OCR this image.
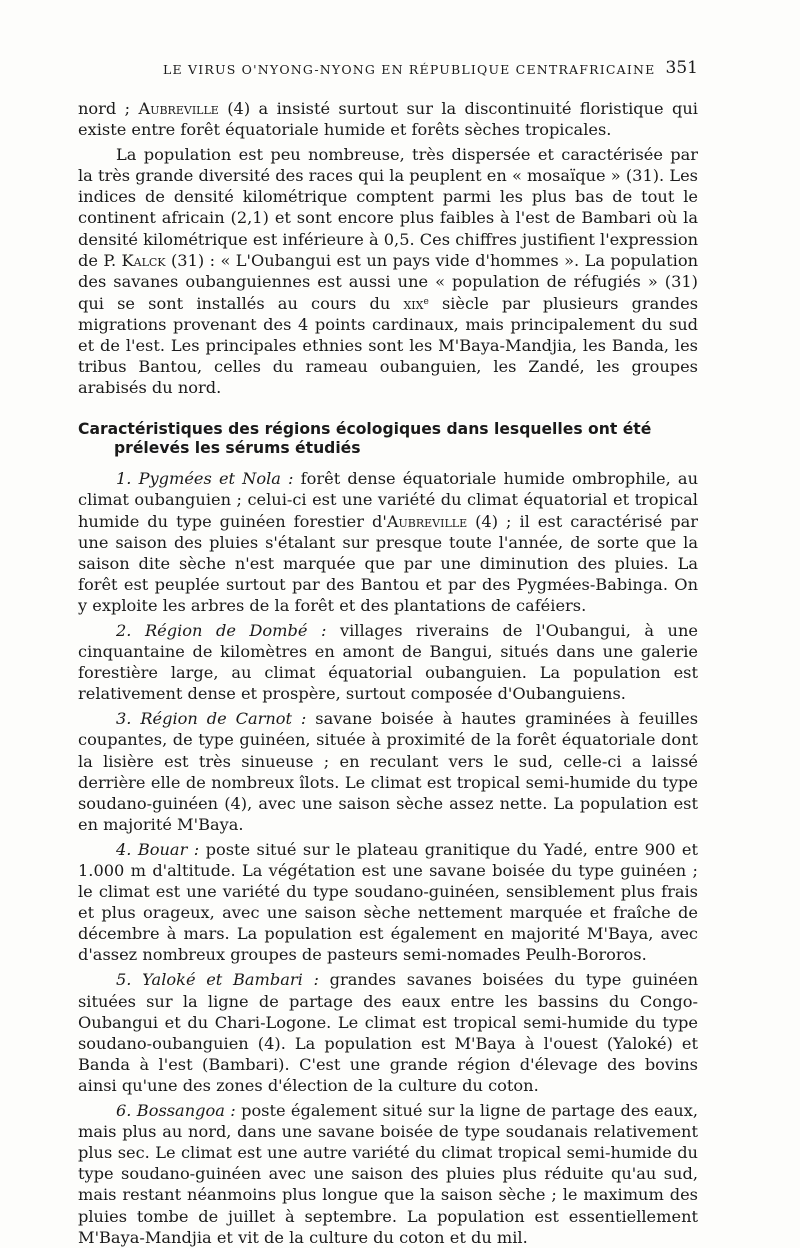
LE VIRUS O'NYONG-NYONG EN RÉPUBLIQUE CENTRAFRICAINE 351

nord ; Aubreville (4) a insisté surtout sur la discontinuité floristique qui existe entre forêt équatoriale humide et forêts sèches tropicales.

La population est peu nombreuse, très dispersée et caractérisée par la très grande diversité des races qui la peuplent en « mosaïque » (31). Les indices de densité kilométrique comptent parmi les plus bas de tout le continent africain (2,1) et sont encore plus faibles à l'est de Bambari où la densité kilométrique est inférieure à 0,5. Ces chiffres justifient l'expression de P. Kalck (31) : « L'Oubangui est un pays vide d'hommes ». La population des savanes oubanguiennes est aussi une « population de réfugiés » (31) qui se sont installés au cours du xix$^e$ siècle par plusieurs grandes migrations provenant des 4 points cardinaux, mais principalement du sud et de l'est. Les principales ethnies sont les M'Baya-Mandjia, les Banda, les tribus Bantou, celles du rameau oubanguien, les Zandé, les groupes arabisés du nord.

Caractéristiques des régions écologiques dans lesquelles ont été prélevés les sérums étudiés

1. Pygmées et Nola : forêt dense équatoriale humide ombrophile, au climat oubanguien ; celui-ci est une variété du climat équatorial et tropical humide du type guinéen forestier d'Aubreville (4) ; il est caractérisé par une saison des pluies s'étalant sur presque toute l'année, de sorte que la saison dite sèche n'est marquée que par une diminution des pluies. La forêt est peuplée surtout par des Bantou et par des Pygmées-Babinga. On y exploite les arbres de la forêt et des plantations de caféiers.

2. Région de Dombé : villages riverains de l'Oubangui, à une cinquantaine de kilomètres en amont de Bangui, situés dans une galerie forestière large, au climat équatorial oubanguien. La population est relativement dense et prospère, surtout composée d'Oubanguiens.

3. Région de Carnot : savane boisée à hautes graminées à feuilles coupantes, de type guinéen, située à proximité de la forêt équatoriale dont la lisière est très sinueuse ; en reculant vers le sud, celle-ci a laissé derrière elle de nombreux îlots. Le climat est tropical semi-humide du type soudano-guinéen (4), avec une saison sèche assez nette. La population est en majorité M'Baya.

4. Bouar : poste situé sur le plateau granitique du Yadé, entre 900 et 1.000 m d'altitude. La végétation est une savane boisée du type guinéen ; le climat est une variété du type soudano-guinéen, sensiblement plus frais et plus orageux, avec une saison sèche nettement marquée et fraîche de décembre à mars. La population est également en majorité M'Baya, avec d'assez nombreux groupes de pasteurs semi-nomades Peulh-Bororos.

5. Yaloké et Bambari : grandes savanes boisées du type guinéen situées sur la ligne de partage des eaux entre les bassins du Congo-Oubangui et du Chari-Logone. Le climat est tropical semi-humide du type soudano-oubanguien (4). La population est M'Baya à l'ouest (Yaloké) et Banda à l'est (Bambari). C'est une grande région d'élevage des bovins ainsi qu'une des zones d'élection de la culture du coton.

6. Bossangoa : poste également situé sur la ligne de partage des eaux, mais plus au nord, dans une savane boisée de type soudanais relativement plus sec. Le climat est une autre variété du climat tropical semi-humide du type soudano-guinéen avec une saison des pluies plus réduite qu'au sud, mais restant néanmoins plus longue que la saison sèche ; le maximum des pluies tombe de juillet à septembre. La population est essentiellement M'Baya-Mandjia et vit de la culture du coton et du mil.
